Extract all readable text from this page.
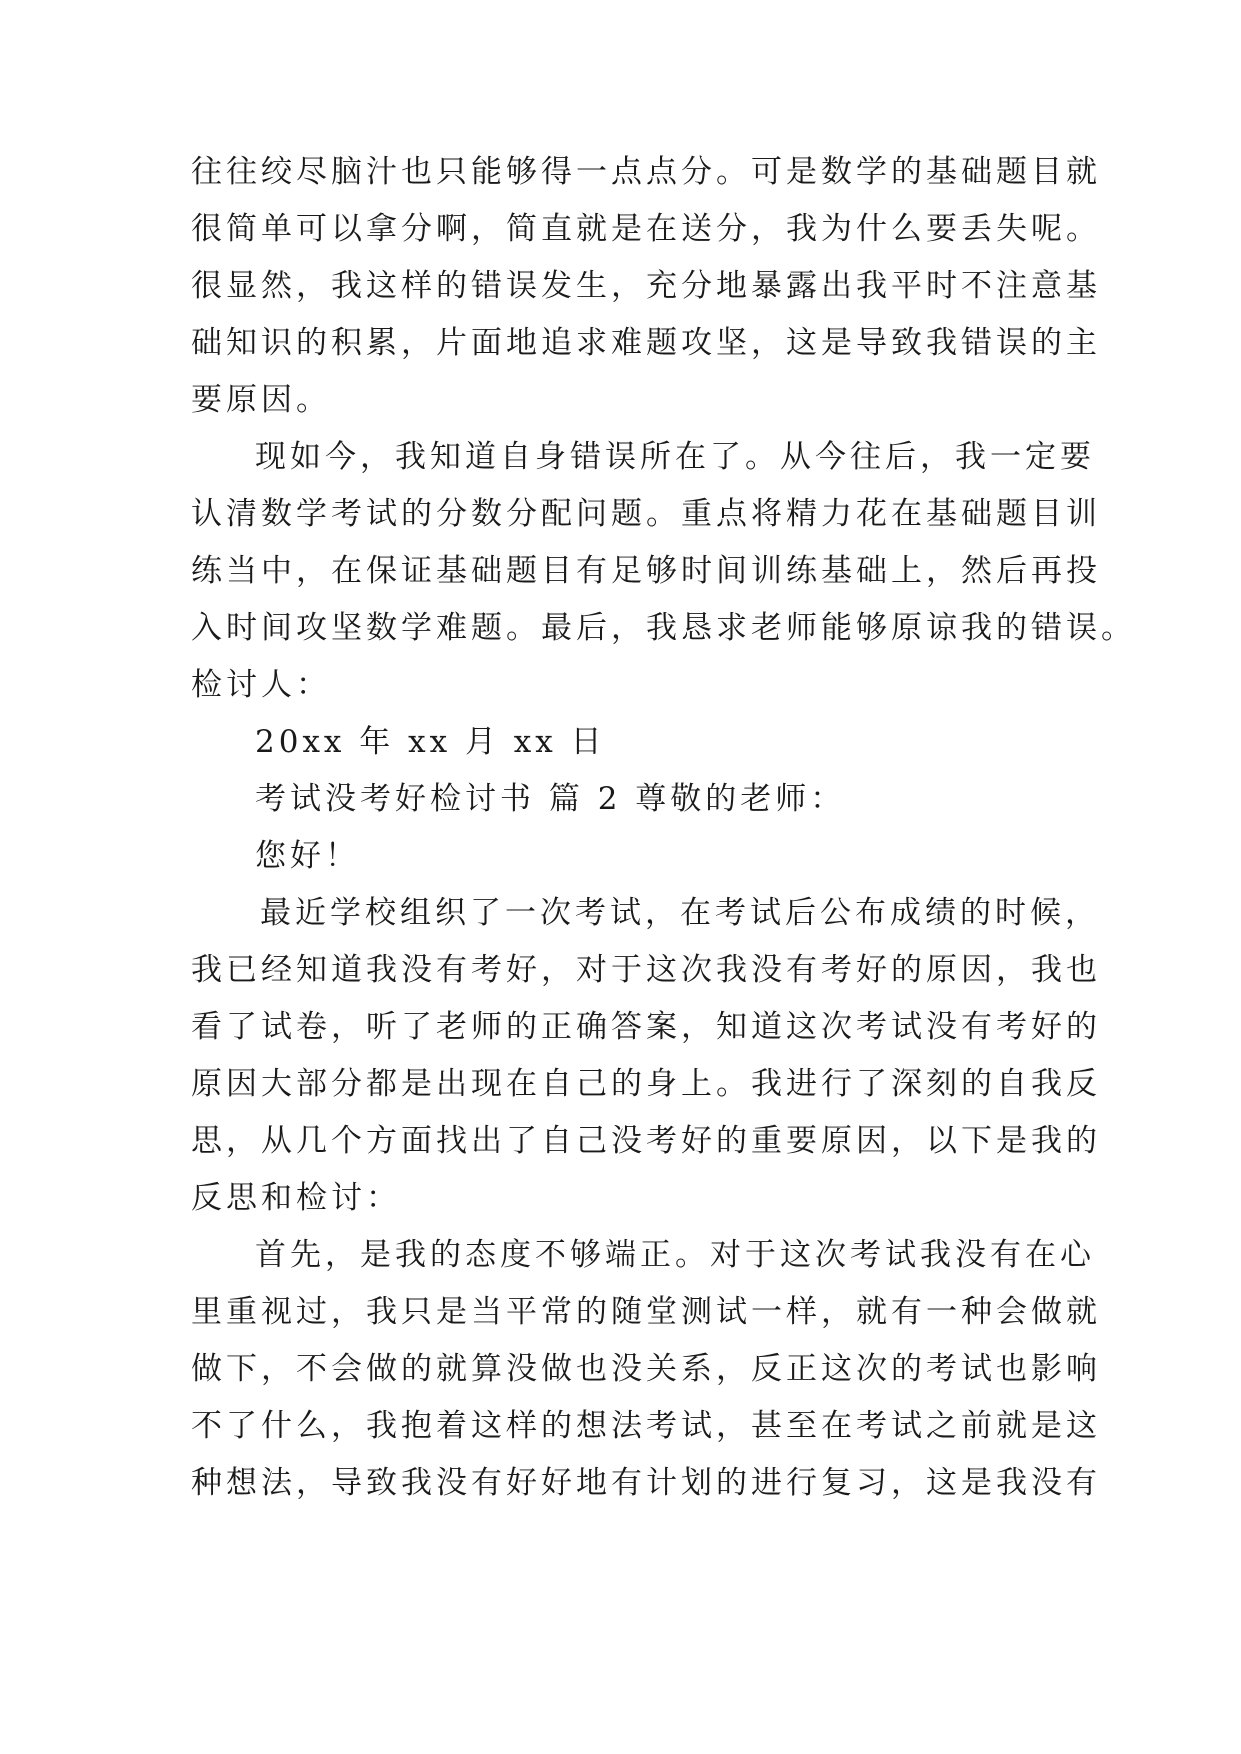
往往绞尽脑汁也只能够得一点点分。可是数学的基础题目就
很简单可以拿分啊，简直就是在送分，我为什么要丢失呢。
很显然，我这样的错误发生，充分地暴露出我平时不注意基
础知识的积累，片面地追求难题攻坚，这是导致我错误的主
要原因。
现如今，我知道自身错误所在了。从今往后，我一定要
认清数学考试的分数分配问题。重点将精力花在基础题目训
练当中，在保证基础题目有足够时间训练基础上，然后再投
入时间攻坚数学难题。最后，我恳求老师能够原谅我的错误。
检讨人：
20xx 年 xx 月 xx 日
考试没考好检讨书 篇 2 尊敬的老师：
您好！
最近学校组织了一次考试，在考试后公布成绩的时候，
我已经知道我没有考好，对于这次我没有考好的原因，我也
看了试卷，听了老师的正确答案，知道这次考试没有考好的
原因大部分都是出现在自己的身上。我进行了深刻的自我反
思，从几个方面找出了自己没考好的重要原因，以下是我的
反思和检讨：
首先，是我的态度不够端正。对于这次考试我没有在心
里重视过，我只是当平常的随堂测试一样，就有一种会做就
做下，不会做的就算没做也没关系，反正这次的考试也影响
不了什么，我抱着这样的想法考试，甚至在考试之前就是这
种想法，导致我没有好好地有计划的进行复习，这是我没有
